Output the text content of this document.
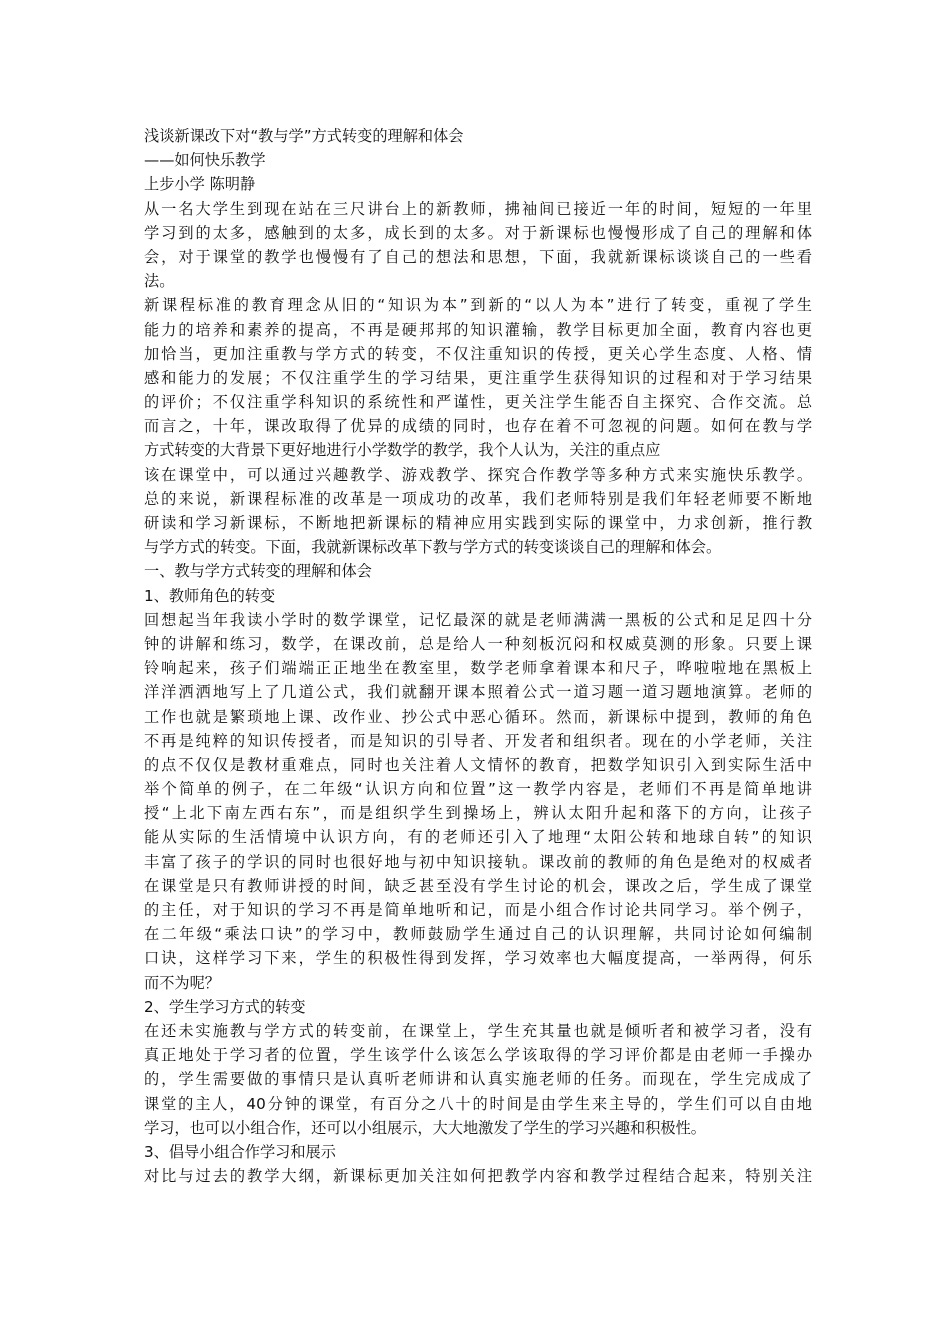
浅谈新课改下对“教与学”方式转变的理解和体会
——如何快乐教学
上步小学 陈明静
从一名大学生到现在站在三尺讲台上的新教师，拂袖间已接近一年的时间，短短的一年里
学习到的太多，感触到的太多，成长到的太多。对于新课标也慢慢形成了自己的理解和体
会，对于课堂的教学也慢慢有了自己的想法和思想，下面，我就新课标谈谈自己的一些看
法。
新课程标准的教育理念从旧的“知识为本”到新的“以人为本”进行了转变，重视了学生
能力的培养和素养的提高，不再是硬邦邦的知识灌输，教学目标更加全面，教育内容也更
加恰当，更加注重教与学方式的转变，不仅注重知识的传授，更关心学生态度、人格、情
感和能力的发展；不仅注重学生的学习结果，更注重学生获得知识的过程和对于学习结果
的评价；不仅注重学科知识的系统性和严谨性，更关注学生能否自主探究、合作交流。总
而言之，十年，课改取得了优异的成绩的同时，也存在着不可忽视的问题。如何在教与学
方式转变的大背景下更好地进行小学数学的教学，我个人认为，关注的重点应
该在课堂中，可以通过兴趣教学、游戏教学、探究合作教学等多种方式来实施快乐教学。
总的来说，新课程标准的改革是一项成功的改革，我们老师特别是我们年轻老师要不断地
研读和学习新课标，不断地把新课标的精神应用实践到实际的课堂中，力求创新，推行教
与学方式的转变。下面，我就新课标改革下教与学方式的转变谈谈自己的理解和体会。
一、教与学方式转变的理解和体会
1、教师角色的转变
回想起当年我读小学时的数学课堂，记忆最深的就是老师满满一黑板的公式和足足四十分
钟的讲解和练习，数学，在课改前，总是给人一种刻板沉闷和权威莫测的形象。只要上课
铃响起来，孩子们端端正正地坐在教室里，数学老师拿着课本和尺子，哗啦啦地在黑板上
洋洋洒洒地写上了几道公式，我们就翻开课本照着公式一道习题一道习题地演算。老师的
工作也就是繁琐地上课、改作业、抄公式中恶心循环。然而，新课标中提到，教师的角色
不再是纯粹的知识传授者，而是知识的引导者、开发者和组织者。现在的小学老师，关注
的点不仅仅是教材重难点，同时也关注着人文情怀的教育，把数学知识引入到实际生活中
举个简单的例子，在二年级“认识方向和位置”这一教学内容是，老师们不再是简单地讲
授“上北下南左西右东”，而是组织学生到操场上，辨认太阳升起和落下的方向，让孩子
能从实际的生活情境中认识方向，有的老师还引入了地理“太阳公转和地球自转”的知识
丰富了孩子的学识的同时也很好地与初中知识接轨。课改前的教师的角色是绝对的权威者
在课堂是只有教师讲授的时间，缺乏甚至没有学生讨论的机会，课改之后，学生成了课堂
的主任，对于知识的学习不再是简单地听和记，而是小组合作讨论共同学习。举个例子，
在二年级“乘法口诀”的学习中，教师鼓励学生通过自己的认识理解，共同讨论如何编制
口诀，这样学习下来，学生的积极性得到发挥，学习效率也大幅度提高，一举两得，何乐
而不为呢？
2、学生学习方式的转变
在还未实施教与学方式的转变前，在课堂上，学生充其量也就是倾听者和被学习者，没有
真正地处于学习者的位置，学生该学什么该怎么学该取得的学习评价都是由老师一手操办
的，学生需要做的事情只是认真听老师讲和认真实施老师的任务。而现在，学生完成成了
课堂的主人，40分钟的课堂，有百分之八十的时间是由学生来主导的，学生们可以自由地
学习，也可以小组合作，还可以小组展示，大大地激发了学生的学习兴趣和积极性。
3、倡导小组合作学习和展示
对比与过去的教学大纲，新课标更加关注如何把教学内容和教学过程结合起来，特别关注
